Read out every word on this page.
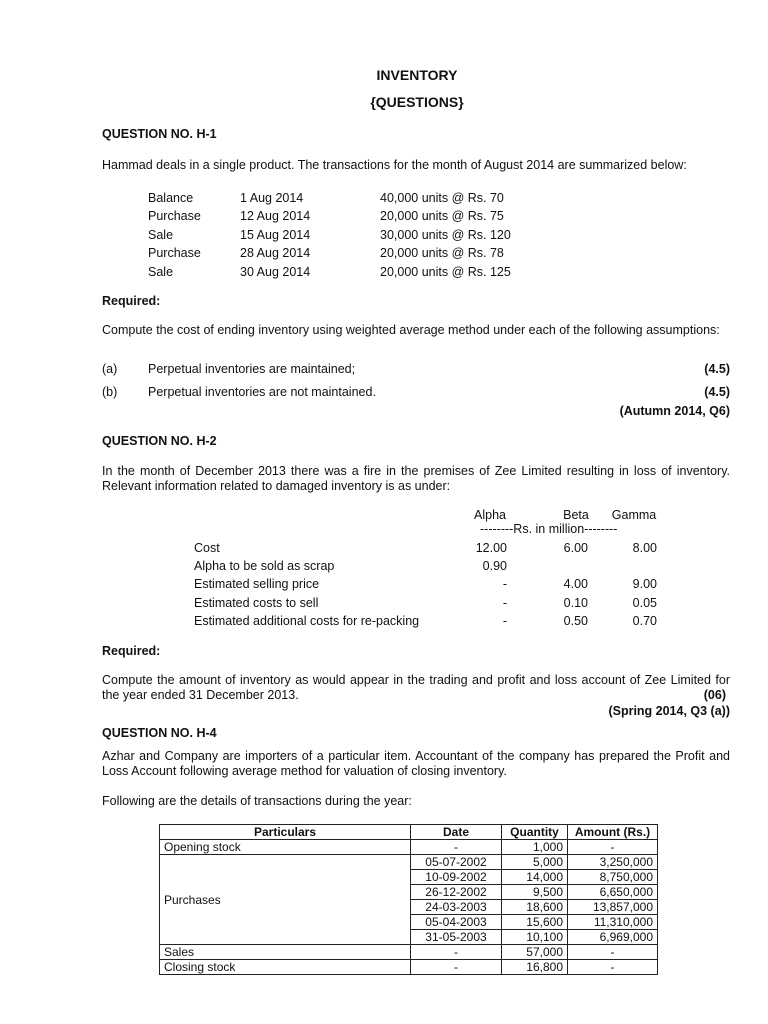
INVENTORY
{QUESTIONS}
QUESTION NO. H-1
Hammad deals in a single product. The transactions for the month of August 2014 are summarized below:
Balance	1 Aug 2014	40,000 units @ Rs. 70
Purchase	12 Aug 2014	20,000 units @ Rs. 75
Sale	15 Aug 2014	30,000 units @ Rs. 120
Purchase	28 Aug 2014	20,000 units @ Rs. 78
Sale	30 Aug 2014	20,000 units @ Rs. 125
Required:
Compute the cost of ending inventory using weighted average method under each of the following assumptions:
(a) Perpetual inventories are maintained;	(4.5)
(b) Perpetual inventories are not maintained.	(4.5)
(Autumn 2014, Q6)
QUESTION NO. H-2
In the month of December 2013 there was a fire in the premises of Zee Limited resulting in loss of inventory. Relevant information related to damaged inventory is as under:
Alpha	Beta	Gamma
--------Rs. in million--------
Cost	12.00	6.00	8.00
Alpha to be sold as scrap	0.90
Estimated selling price	-	4.00	9.00
Estimated costs to sell	-	0.10	0.05
Estimated additional costs for re-packing	-	0.50	0.70
Required:
Compute the amount of inventory as would appear in the trading and profit and loss account of Zee Limited for the year ended 31 December 2013.	(06)
(Spring 2014, Q3 (a))
QUESTION NO. H-4
Azhar and Company are importers of a particular item. Accountant of the company has prepared the Profit and Loss Account following average method for valuation of closing inventory.
Following are the details of transactions during the year:
Particulars	Date	Quantity	Amount (Rs.)
Opening stock	-	1,000	-
Purchases	05-07-2002	5,000	3,250,000
	10-09-2002	14,000	8,750,000
	26-12-2002	9,500	6,650,000
	24-03-2003	18,600	13,857,000
	05-04-2003	15,600	11,310,000
	31-05-2003	10,100	6,969,000
Sales	-	57,000	-
Closing stock	-	16,800	-
